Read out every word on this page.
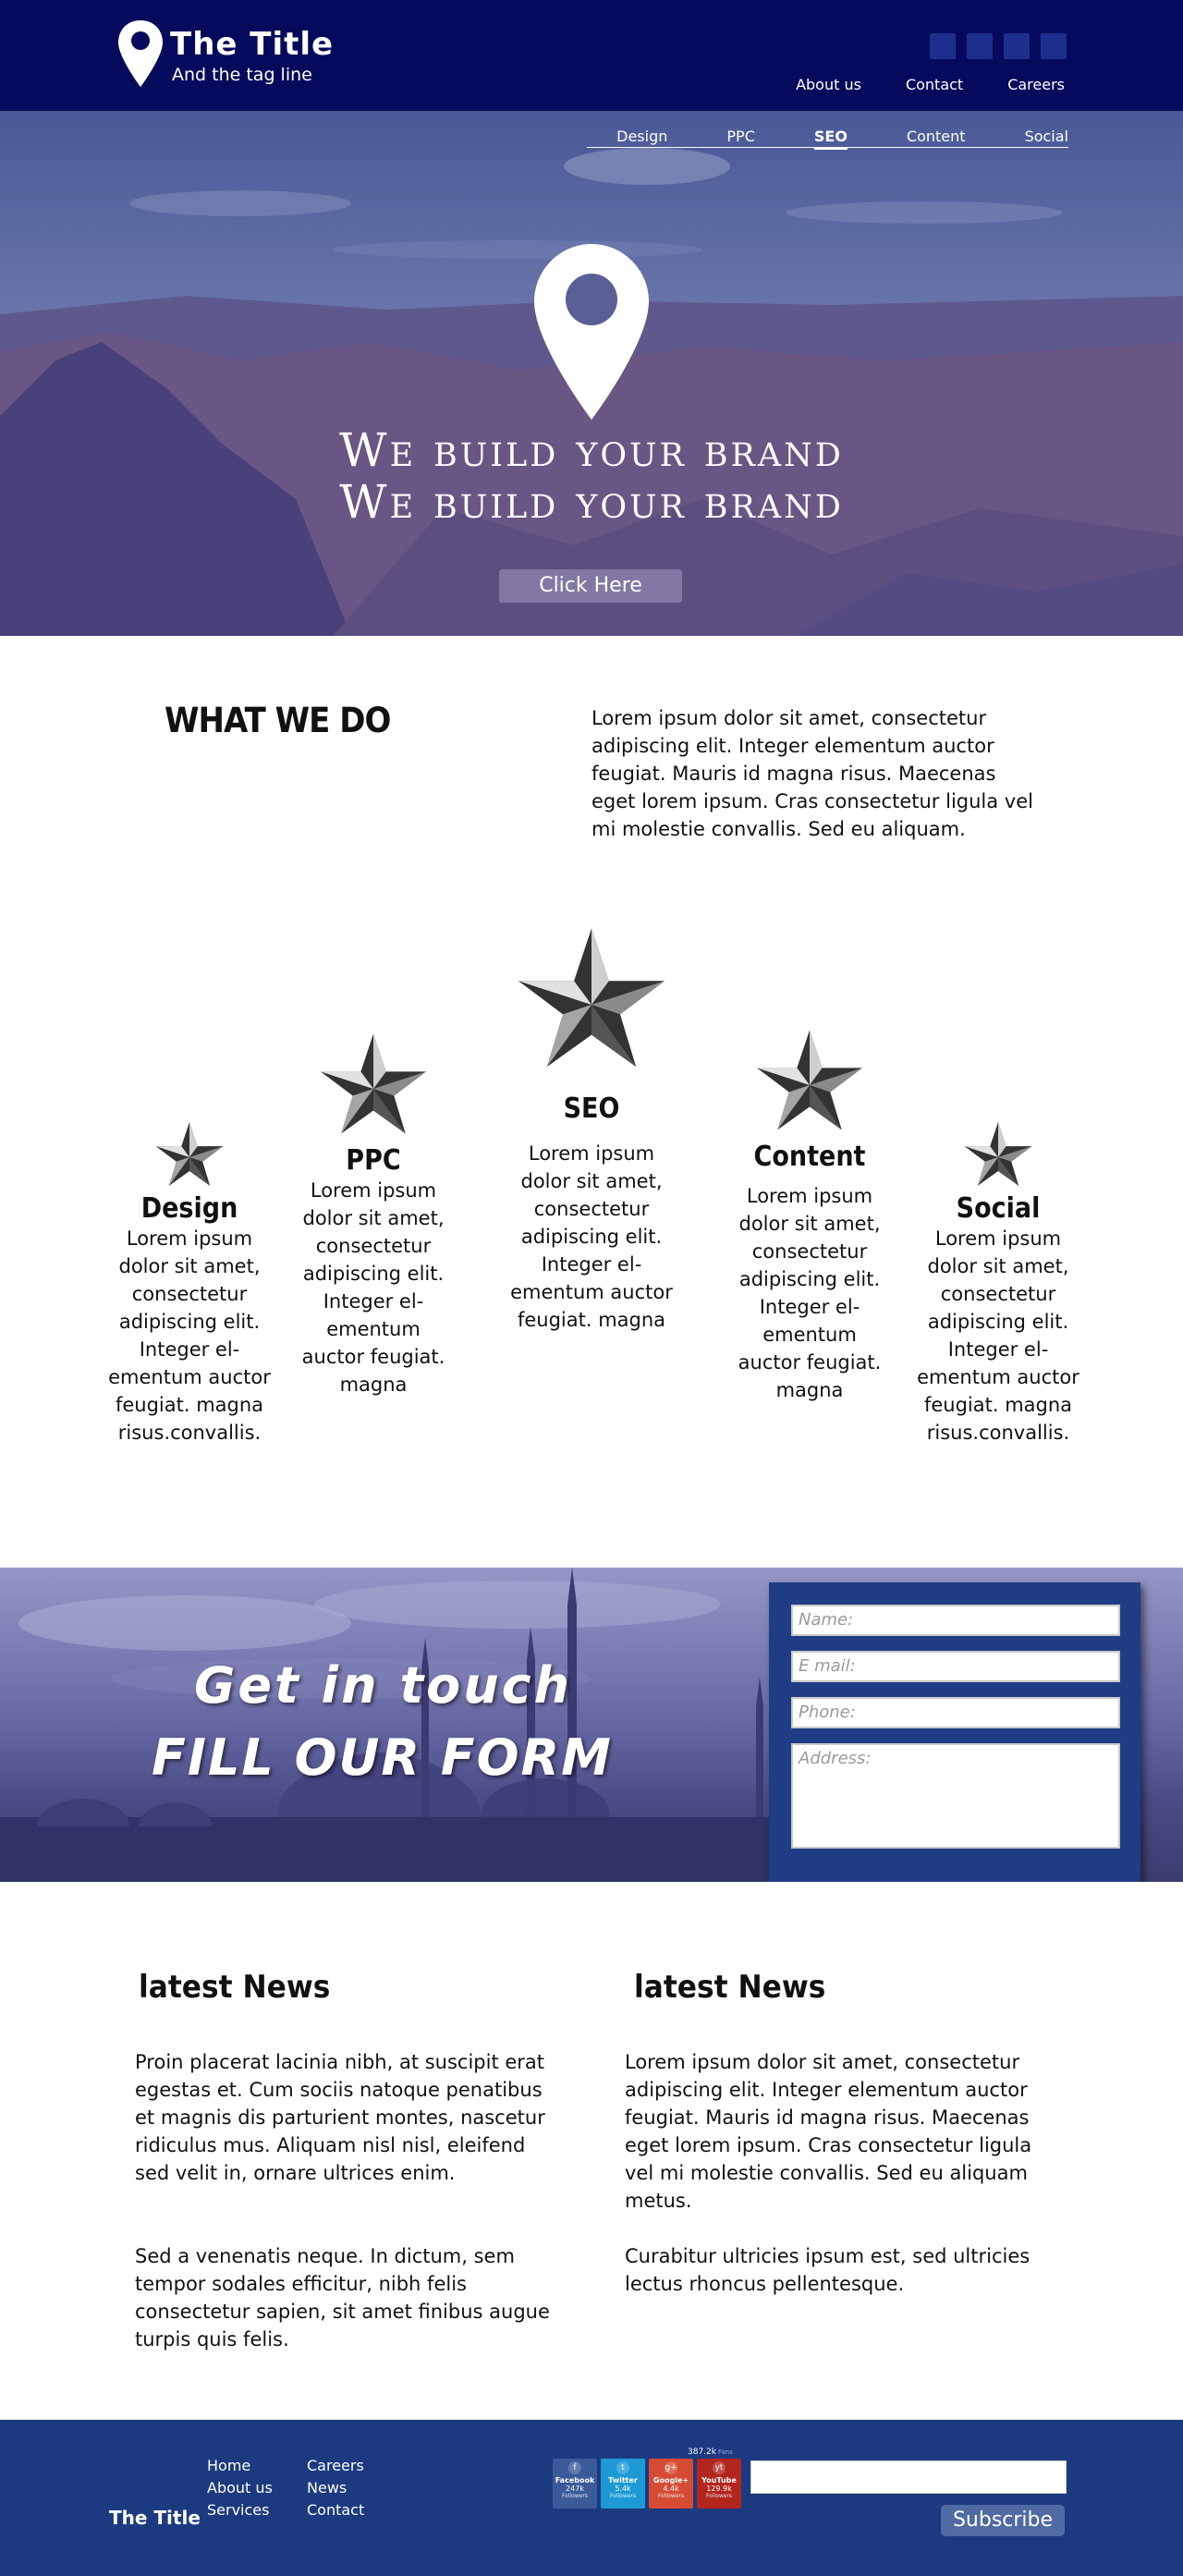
The Title
And the tag line	About us	Contact	Careers
Design	PPC	SEO	Content	Social
We build your brand
We build your brand
Click Here
WHAT WE DO	Lorem ipsum dolor sit amet, consectetur adipiscing elit. Integer elementum auctor feugiat. Mauris id magna risus. Maecenas eget lorem ipsum. Cras consectetur ligula vel mi molestie convallis. Sed eu aliquam.
Design
Lorem ipsum dolor sit amet, consectetur adipiscing elit. Integer el-ementum auctor feugiat. magna risus.convallis.
PPC
Lorem ipsum dolor sit amet, consectetur adipiscing elit. Integer el-ementum auctor feugiat. magna
SEO
Lorem ipsum dolor sit amet, consectetur adipiscing elit. Integer el-ementum auctor feugiat. magna
Content
Lorem ipsum dolor sit amet, consectetur adipiscing elit. Integer el-ementum auctor feugiat. magna
Social
Lorem ipsum dolor sit amet, consectetur adipiscing elit. Integer el-ementum auctor feugiat. magna risus.convallis.
Get in touch
FILL OUR FORM
Name:
E mail:
Phone:
Address:
latest News
Proin placerat lacinia nibh, at suscipit erat egestas et. Cum sociis natoque penatibus et magnis dis parturient montes, nascetur ridiculus mus. Aliquam nisl nisl, eleifend sed velit in, ornare ultrices enim.
Sed a venenatis neque. In dictum, sem tempor sodales efficitur, nibh felis consectetur sapien, sit amet finibus augue turpis quis felis.
latest News
Lorem ipsum dolor sit amet, consectetur adipiscing elit. Integer elementum auctor feugiat. Mauris id magna risus. Maecenas eget lorem ipsum. Cras consectetur ligula vel mi molestie convallis. Sed eu aliquam metus.
Curabitur ultricies ipsum est, sed ultricies lectus rhoncus pellentesque.
The Title
Home
About us
Services
Careers
News
Contact
387.2k Fans
f
Facebook
247k
Followers
t
Twitter
5.4k
Followers
g+
Google+
4.4k
Followers
yt
YouTube
129.9k
Followers
Subscribe
